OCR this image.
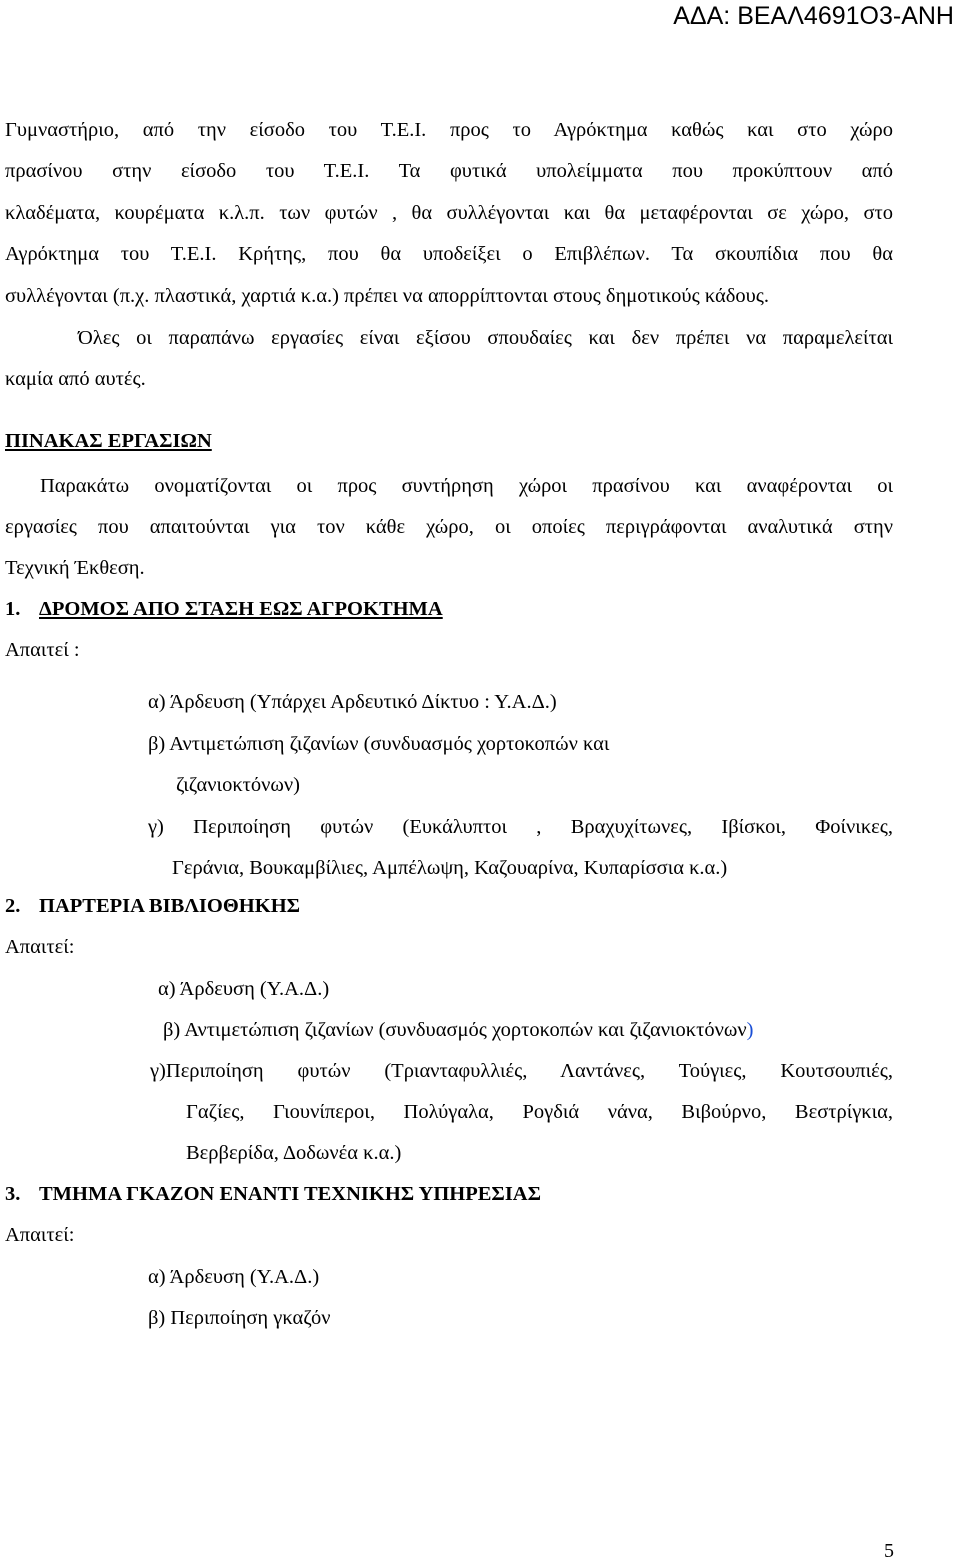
ΑΔΑ: ΒΕΑΛ4691Ο3-ΑΝΗ
Γυμναστήριο, από την είσοδο του Τ.Ε.Ι. προς το Αγρόκτημα καθώς και στο χώρο
πρασίνου στην είσοδο του Τ.Ε.Ι. Τα φυτικά υπολείμματα που προκύπτουν από
κλαδέματα, κουρέματα κ.λ.π. των φυτών , θα συλλέγονται και θα μεταφέρονται σε χώρο, στο
Αγρόκτημα του Τ.Ε.Ι. Κρήτης, που θα υποδείξει ο Επιβλέπων. Τα σκουπίδια που θα
συλλέγονται (π.χ. πλαστικά, χαρτιά κ.α.) πρέπει να απορρίπτονται στους δημοτικούς κάδους.
Όλες οι παραπάνω εργασίες είναι εξίσου σπουδαίες και δεν πρέπει να παραμελείται
καμία από αυτές.
ΠΙΝΑΚΑΣ ΕΡΓΑΣΙΩΝ
Παρακάτω ονοματίζονται οι προς συντήρηση χώροι πρασίνου και αναφέρονται οι
εργασίες που απαιτούνται για τον κάθε χώρο, οι οποίες περιγράφονται αναλυτικά στην
Τεχνική Έκθεση.
1. ΔΡΟΜΟΣ ΑΠΟ ΣΤΑΣΗ ΕΩΣ ΑΓΡΟΚΤΗΜΑ
Απαιτεί :
α) Άρδευση (Υπάρχει Αρδευτικό Δίκτυο : Υ.Α.Δ.)
β) Αντιμετώπιση ζιζανίων (συνδυασμός χορτοκοπών και
ζιζανιοκτόνων)
γ) Περιποίηση φυτών (Ευκάλυπτοι , Βραχυχίτωνες, Ιβίσκοι, Φοίνικες,
Γεράνια, Βουκαμβίλιες, Αμπέλωψη, Καζουαρίνα, Κυπαρίσσια κ.α.)
2. ΠΑΡΤΕΡΙΑ ΒΙΒΛΙΟΘΗΚΗΣ
Απαιτεί:
α) Άρδευση (Υ.Α.Δ.)
β) Αντιμετώπιση ζιζανίων (συνδυασμός χορτοκοπών και ζιζανιοκτόνων)
γ)Περιποίηση φυτών (Τριανταφυλλιές, Λαντάνες, Τούγιες, Κουτσουπιές,
Γαζίες, Γιουνίπεροι, Πολύγαλα, Ρογδιά νάνα, Βιβούρνο, Βεστρίγκια,
Βερβερίδα, Δοδωνέα κ.α.)
3. ΤΜΗΜΑ ΓΚΑΖΟΝ ΕΝΑΝΤΙ ΤΕΧΝΙΚΗΣ ΥΠΗΡΕΣΙΑΣ
Απαιτεί:
α) Άρδευση (Υ.Α.Δ.)
β) Περιποίηση γκαζόν
5
